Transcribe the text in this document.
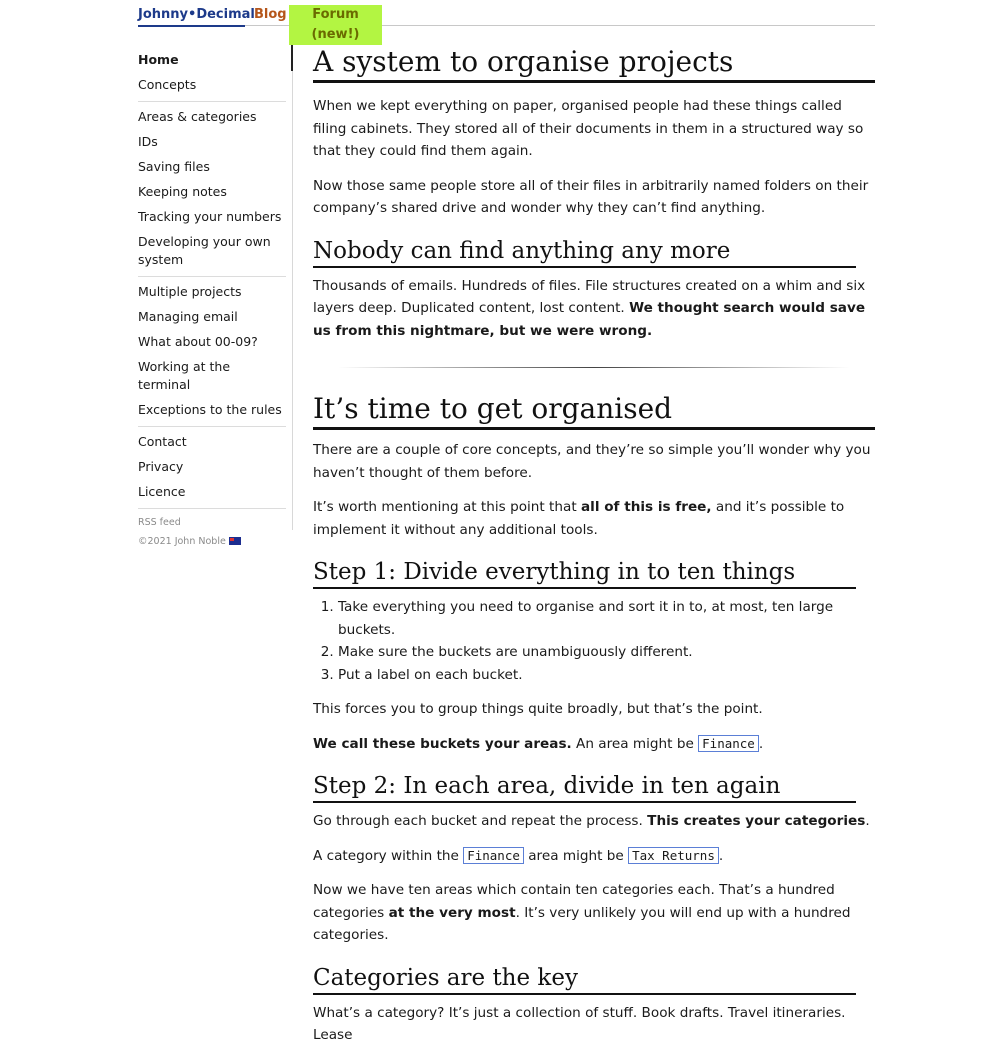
Johnny•Decimal Blog	Forum (new!)
Home
Concepts
Areas & categories
IDs
Saving files
Keeping notes
Tracking your numbers
Developing your own system
Multiple projects
Managing email
What about 00-09?
Working at the terminal
Exceptions to the rules
Contact
Privacy
Licence
RSS feed
©2021 John Noble
A system to organise projects

When we kept everything on paper, organised people had these things called filing cabinets. They stored all of their documents in them in a structured way so that they could find them again.

Now those same people store all of their files in arbitrarily named folders on their company’s shared drive and wonder why they can’t find anything.

Nobody can find anything any more

Thousands of emails. Hundreds of files. File structures created on a whim and six layers deep. Duplicated content, lost content. We thought search would save us from this nightmare, but we were wrong.

It’s time to get organised

There are a couple of core concepts, and they’re so simple you’ll wonder why you haven’t thought of them before.

It’s worth mentioning at this point that all of this is free, and it’s possible to implement it without any additional tools.

Step 1: Divide everything in to ten things
1. Take everything you need to organise and sort it in to, at most, ten large buckets.
2. Make sure the buckets are unambiguously different.
3. Put a label on each bucket.

This forces you to group things quite broadly, but that’s the point.

We call these buckets your areas. An area might be Finance .

Step 2: In each area, divide in ten again

Go through each bucket and repeat the process. This creates your categories.

A category within the Finance area might be Tax Returns .

Now we have ten areas which contain ten categories each. That’s a hundred categories at the very most. It’s very unlikely you will end up with a hundred categories.

Categories are the key

What’s a category? It’s just a collection of stuff. Book drafts. Travel itineraries. Lease
